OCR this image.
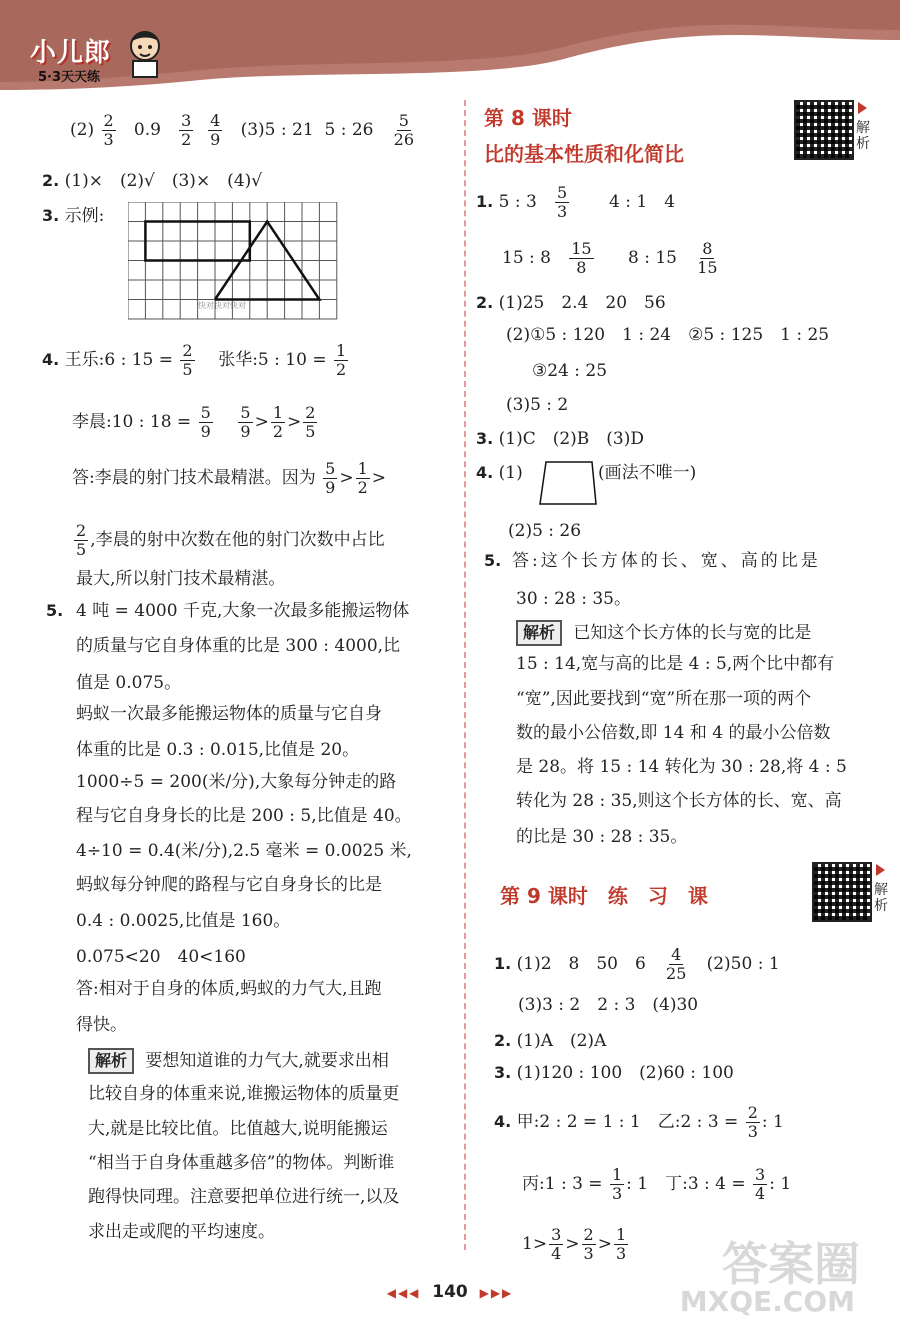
小儿郎
5·3天天练
$(2) \frac{2}{3} 0.9 \frac{3}{2}$
$\frac{4}{9} (3)5$ : 21 5 : $26 \frac{5}{26}$
2. (1)×　(2)√　(3)×　(4)√
3. 示例:
快对快对快对
4. 王乐:6 : $15 = \frac{2}{5}$ 张华:5 : $10 = \frac{1}{2}$
李晨:10 : $18 = \frac{5}{9}$
$\frac{5}{9} > \frac{1}{2} > \frac{2}{5}$
答:李晨的射门技术最精湛。因为 $\frac{5}{9} > \frac{1}{2}$ >
$\frac{2}{5}$ ,李晨的射中次数在他的射门次数中占比
最大,所以射门技术最精湛。
5. 4 吨 = 4000 千克,大象一次最多能搬运物体
的质量与它自身体重的比是 300 : 4000,比
值是 0.075。
蚂蚁一次最多能搬运物体的质量与它自身
体重的比是 0.3 : 0.015,比值是 20。
1000÷5 = 200(米/分),大象每分钟走的路
程与它自身身长的比是 200 : 5,比值是 40。
4÷10 = 0.4(米/分),2.5 毫米 = 0.0025 米,
蚂蚁每分钟爬的路程与它自身身长的比是
0.4 : 0.0025,比值是 160。
0.075<20　40<160
答:相对于自身的体质,蚂蚁的力气大,且跑
得快。
解析 要想知道谁的力气大,就要求出相
比较自身的体重来说,谁搬运物体的质量更
大,就是比较比值。比值越大,说明能搬运
“相当于自身体重越多倍”的物体。判断谁
跑得快同理。注意要把单位进行统一,以及
求出走或爬的平均速度。
第 8 课时
比的基本性质和化简比
解析
1. 5 : $3 \frac{5}{3} 4$ : 1　4
15 : $8 \frac{15}{8} 8$ : $15 \frac{8}{15}$
2. (1)25　2.4　20　56
(2)①5 : 120　1 : 24　②5 : 125　1 : 25
③24 : 25
(3)5 : 2
3. (1)C　(2)B　(3)D
4. (1)	(画法不唯一)
(2)5 : 26
5. 答:这个长方体的长、宽、高的比是
30 : 28 : 35。
解析 已知这个长方体的长与宽的比是
15 : 14,宽与高的比是 4 : 5,两个比中都有
“宽”,因此要找到“宽”所在那一项的两个
数的最小公倍数,即 14 和 4 的最小公倍数
是 28。将 15 : 14 转化为 30 : 28,将 4 : 5
转化为 28 : 35,则这个长方体的长、宽、高
的比是 30 : 28 : 35。
第 9 课时　练　习　课	解析
1. (1)2　8　50　$6 \frac{4}{25} (2)50$ : 1
(3)3 : 2　2 : 3　(4)30
2. (1)A　(2)A
3. (1)120 : 100　(2)60 : 100
4. 甲:2 : 2 = 1 : 1　乙:2 : $3 = \frac{2}{3}$ : 1
丙:1 : $3 = \frac{1}{3}$ : 1　丁:3 : $4 = \frac{3}{4}$ : 1
$1> \frac{3}{4} > \frac{2}{3} > \frac{1}{3}$
◀◀◀ 140 ▶▶▶
答案圈
MXQE.COM
